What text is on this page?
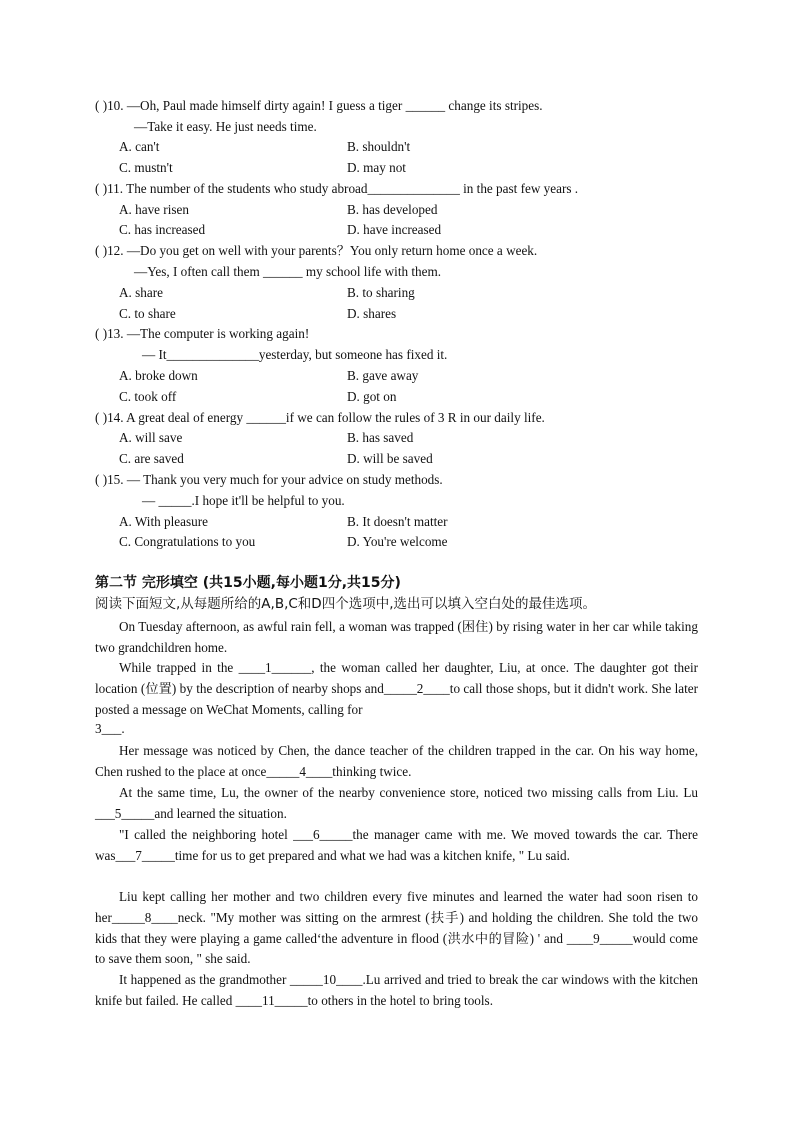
( )10. —Oh, Paul made himself dirty again! I guess a tiger ______ change its stripes.
—Take it easy. He just needs time.
A. can't	B. shouldn't
C. mustn't	D. may not
( )11. The number of the students who study abroad______________ in the past few years .
A. have risen	B. has developed
C. has increased	D. have increased
( )12. —Do you get on well with your parents？You only return home once a week.
—Yes, I often call them ______ my school life with them.
A. share	B. to sharing
C. to share	D. shares
( )13. —The computer is working again!
— It______________yesterday, but someone has fixed it.
A. broke down	B. gave away
C. took off	D. got on
( )14. A great deal of energy ______if we can follow the rules of 3 R in our daily life.
A. will save	B. has saved
C. are saved	D. will be saved
( )15. — Thank you very much for your advice on study methods.
— _____.I hope it'll be helpful to you.
A. With pleasure	B. It doesn't matter
C. Congratulations to you	D. You're welcome
第二节 完形填空 (共15小题,每小题1分,共15分)
阅读下面短文,从每题所给的A,B,C和D四个选项中,选出可以填入空白处的最佳选项。

On Tuesday afternoon, as awful rain fell, a woman was trapped (困住) by rising water in her car while taking two grandchildren home.

While trapped in the ____1______, the woman called her daughter, Liu, at once. The daughter got their location (位置) by the description of nearby shops and_____2____to call those shops, but it didn't work. She later posted a message on WeChat Moments, calling for

3___.

Her message was noticed by Chen, the dance teacher of the children trapped in the car. On his way home, Chen rushed to the place at once_____4____thinking twice.

At the same time, Lu, the owner of the nearby convenience store, noticed two missing calls from Liu. Lu ___5_____and learned the situation.

"I called the neighboring hotel ___6_____the manager came with me. We moved towards the car. There was___7_____time for us to get prepared and what we had was a kitchen knife, " Lu said.

Liu kept calling her mother and two children every five minutes and learned the water had soon risen to her_____8____neck. "My mother was sitting on the armrest (扶手) and holding the children. She told the two kids that they were playing a game called‘the adventure in flood (洪水中的冒险) ' and ____9_____would come to save them soon, " she said.

It happened as the grandmother _____10____.Lu arrived and tried to break the car windows with the kitchen knife but failed. He called ____11_____to others in the hotel to bring tools.
